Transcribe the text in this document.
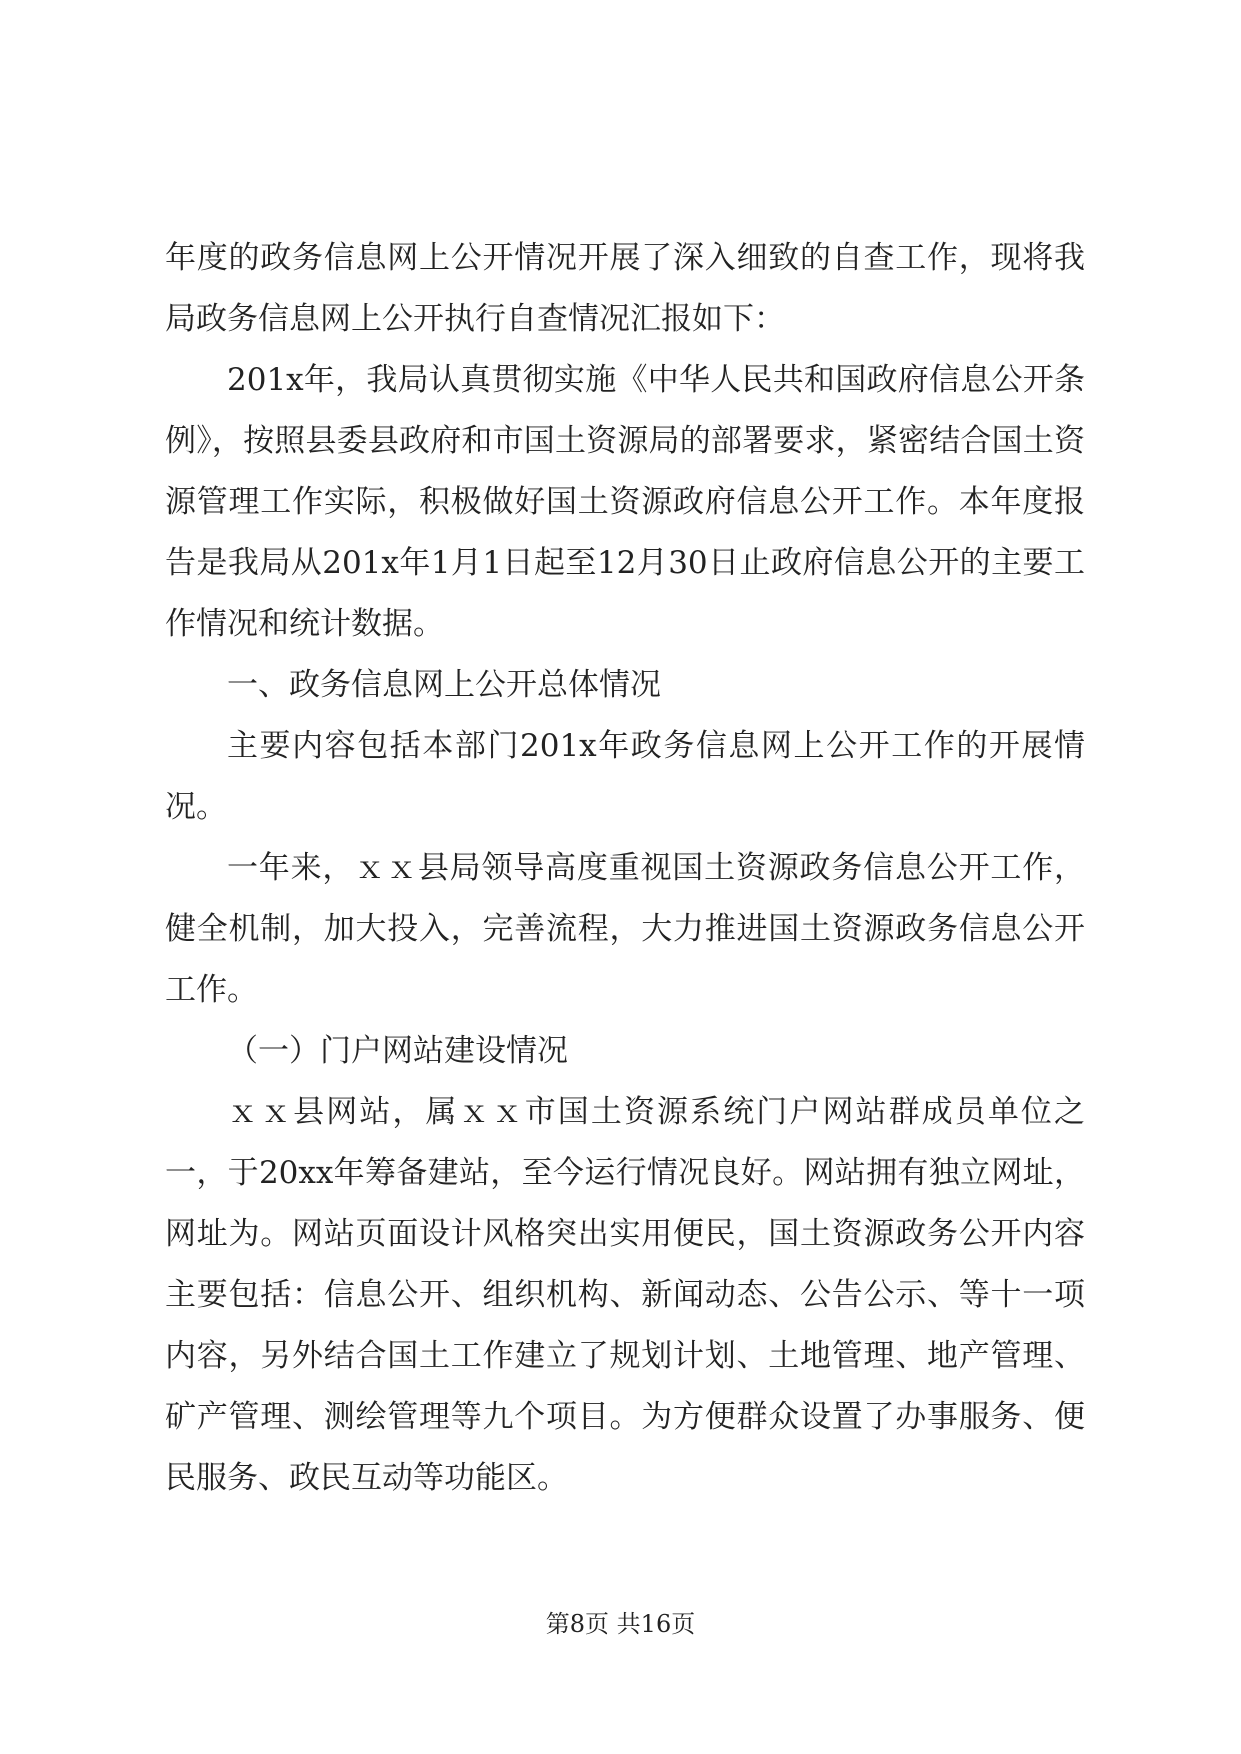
年度的政务信息网上公开情况开展了深入细致的自查工作，现将我局政务信息网上公开执行自查情况汇报如下：

201x年，我局认真贯彻实施《中华人民共和国政府信息公开条例》，按照县委县政府和市国土资源局的部署要求，紧密结合国土资源管理工作实际，积极做好国土资源政府信息公开工作。本年度报告是我局从201x年1月1日起至12月30日止政府信息公开的主要工作情况和统计数据。

一、政务信息网上公开总体情况

主要内容包括本部门201x年政务信息网上公开工作的开展情况。

一年来，ｘｘ县局领导高度重视国土资源政务信息公开工作，健全机制，加大投入，完善流程，大力推进国土资源政务信息公开工作。

（一）门户网站建设情况

ｘｘ县网站，属ｘｘ市国土资源系统门户网站群成员单位之一，于20xx年筹备建站，至今运行情况良好。网站拥有独立网址，网址为。网站页面设计风格突出实用便民，国土资源政务公开内容主要包括：信息公开、组织机构、新闻动态、公告公示、等十一项内容，另外结合国土工作建立了规划计划、土地管理、地产管理、矿产管理、测绘管理等九个项目。为方便群众设置了办事服务、便民服务、政民互动等功能区。

第8页 共16页
